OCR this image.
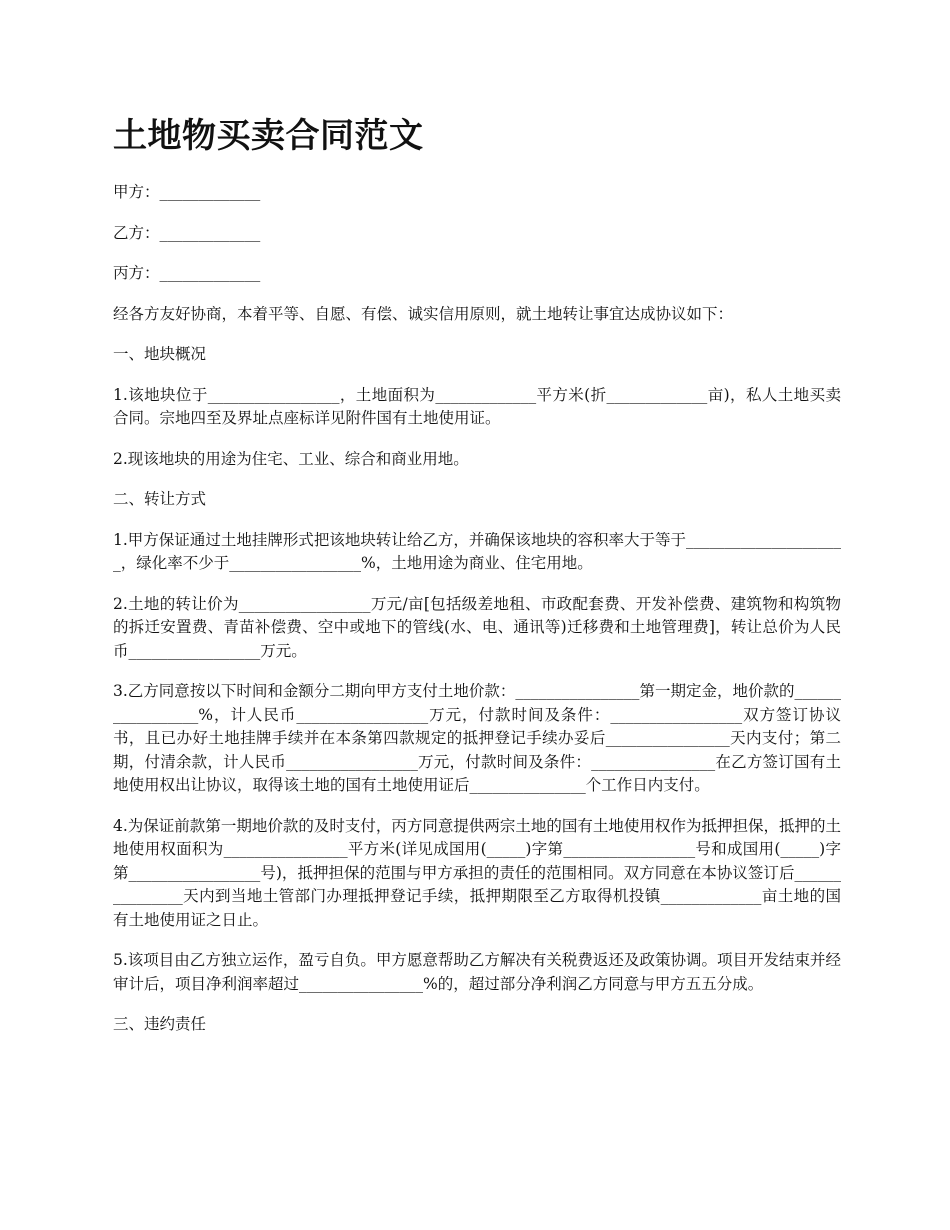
土地物买卖合同范文

甲方：_____________

乙方：_____________

丙方：_____________

经各方友好协商，本着平等、自愿、有偿、诚实信用原则，就土地转让事宜达成协议如下：

一、地块概况

1.该地块位于_________________，土地面积为_____________平方米(折_____________亩)，私人土地买卖合同。宗地四至及界址点座标详见附件国有土地使用证。

2.现该地块的用途为住宅、工业、综合和商业用地。

二、转让方式

1.甲方保证通过土地挂牌形式把该地块转让给乙方，并确保该地块的容积率大于等于_____________________，绿化率不少于_________________%，土地用途为商业、住宅用地。

2.土地的转让价为_________________万元/亩[包括级差地租、市政配套费、开发补偿费、建筑物和构筑物的拆迁安置费、青苗补偿费、空中或地下的管线(水、电、通讯等)迁移费和土地管理费]，转让总价为人民币_________________万元。

3.乙方同意按以下时间和金额分二期向甲方支付土地价款：________________第一期定金，地价款的_________________%，计人民币_________________万元，付款时间及条件：_________________双方签订协议书，且已办好土地挂牌手续并在本条第四款规定的抵押登记手续办妥后________________天内支付；第二期，付清余款，计人民币_________________万元，付款时间及条件：________________在乙方签订国有土地使用权出让协议，取得该土地的国有土地使用证后_______________个工作日内支付。

4.为保证前款第一期地价款的及时支付，丙方同意提供两宗土地的国有土地使用权作为抵押担保，抵押的土地使用权面积为________________平方米(详见成国用(_____)字第_________________号和成国用(_____)字第_________________号)，抵押担保的范围与甲方承担的责任的范围相同。双方同意在本协议签订后_______________天内到当地土管部门办理抵押登记手续，抵押期限至乙方取得机投镇_____________亩土地的国有土地使用证之日止。

5.该项目由乙方独立运作，盈亏自负。甲方愿意帮助乙方解决有关税费返还及政策协调。项目开发结束并经审计后，项目净利润率超过________________%的，超过部分净利润乙方同意与甲方五五分成。

三、违约责任
